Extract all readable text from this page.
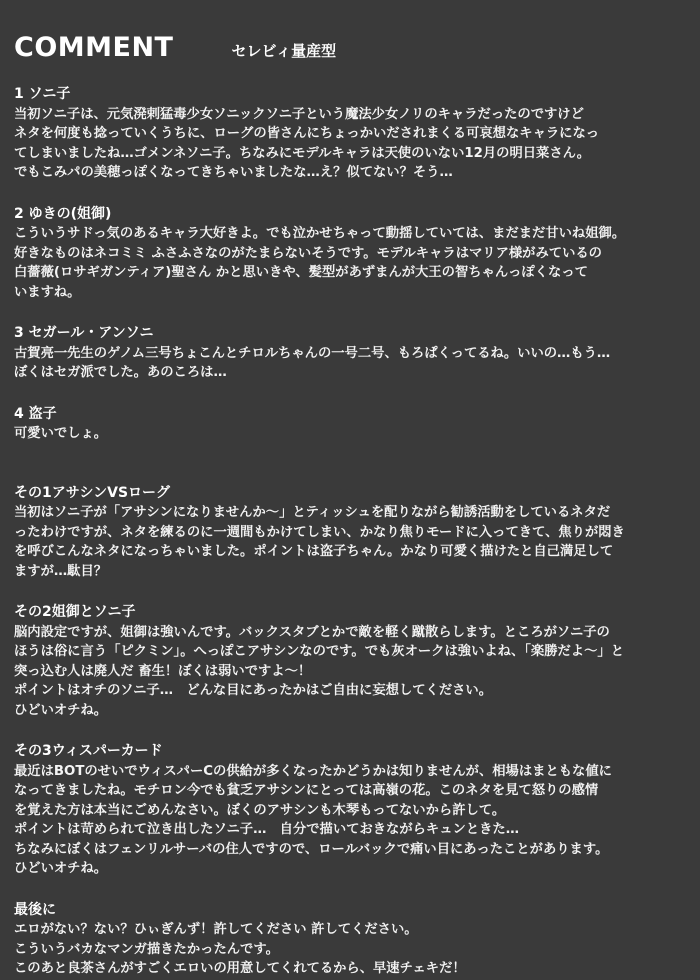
COMMENT	セレビィ量産型
1 ソニ子
当初ソニ子は、元気溌剌猛毒少女ソニックソニ子という魔法少女ノリのキャラだったのですけど
ネタを何度も捻っていくうちに、ローグの皆さんにちょっかいだされまくる可哀想なキャラになっ
てしまいましたね…ゴメンネソニ子。ちなみにモデルキャラは天使のいない12月の明日菜さん。
でもこみパの美穂っぽくなってきちゃいましたな…え？似てない？そう…
2 ゆきの(姐御)
こういうサドっ気のあるキャラ大好きよ。でも泣かせちゃって動揺していては、まだまだ甘いね姐御。
好きなものはネコミミ ふさふさなのがたまらないそうです。モデルキャラはマリア様がみているの
白薔薇(ロサギガンティア)聖さん かと思いきや、髪型があずまんが大王の智ちゃんっぽくなって
いますね。
3 セガール・アンソニ
古賀亮一先生のゲノム三号ちょこんとチロルちゃんの一号二号、もろぱくってるね。いいの…もう…
ぼくはセガ派でした。あのころは…
4 盗子
可愛いでしょ。
その1アサシンVSローグ
当初はソニ子が「アサシンになりませんか～」とティッシュを配りながら勧誘活動をしているネタだ
ったわけですが、ネタを練るのに一週間もかけてしまい、かなり焦りモードに入ってきて、焦りが悶き
を呼びこんなネタになっちゃいました。ポイントは盗子ちゃん。かなり可愛く描けたと自己満足して
ますが…駄目？
その2姐御とソニ子
脳内設定ですが、姐御は強いんです。バックスタブとかで敵を軽く蹴散らします。ところがソニ子の
ほうは俗に言う「ピクミン」。へっぽこアサシンなのです。でも灰オークは強いよね、「楽勝だよ～」と
突っ込む人は廃人だ 畜生！ぼくは弱いですよ～！
ポイントはオチのソニ子…　どんな目にあったかはご自由に妄想してください。
ひどいオチね。
その3ウィスパーカード
最近はBOTのせいでウィスパーCの供給が多くなったかどうかは知りませんが、相場はまともな値に
なってきましたね。モチロン今でも貧乏アサシンにとっては高嶺の花。このネタを見て怒りの感情
を覚えた方は本当にごめんなさい。ぼくのアサシンも木琴もってないから許して。
ポイントは苛められて泣き出したソニ子…　自分で描いておきながらキュンときた…
ちなみにぼくはフェンリルサーバの住人ですので、ロールバックで痛い目にあったことがあります。
ひどいオチね。
最後に
エロがない？ない？ひぃぎんず！許してください 許してください。
こういうバカなマンガ描きたかったんです。
このあと良茶さんがすごくエロいの用意してくれてるから、早速チェキだ！
